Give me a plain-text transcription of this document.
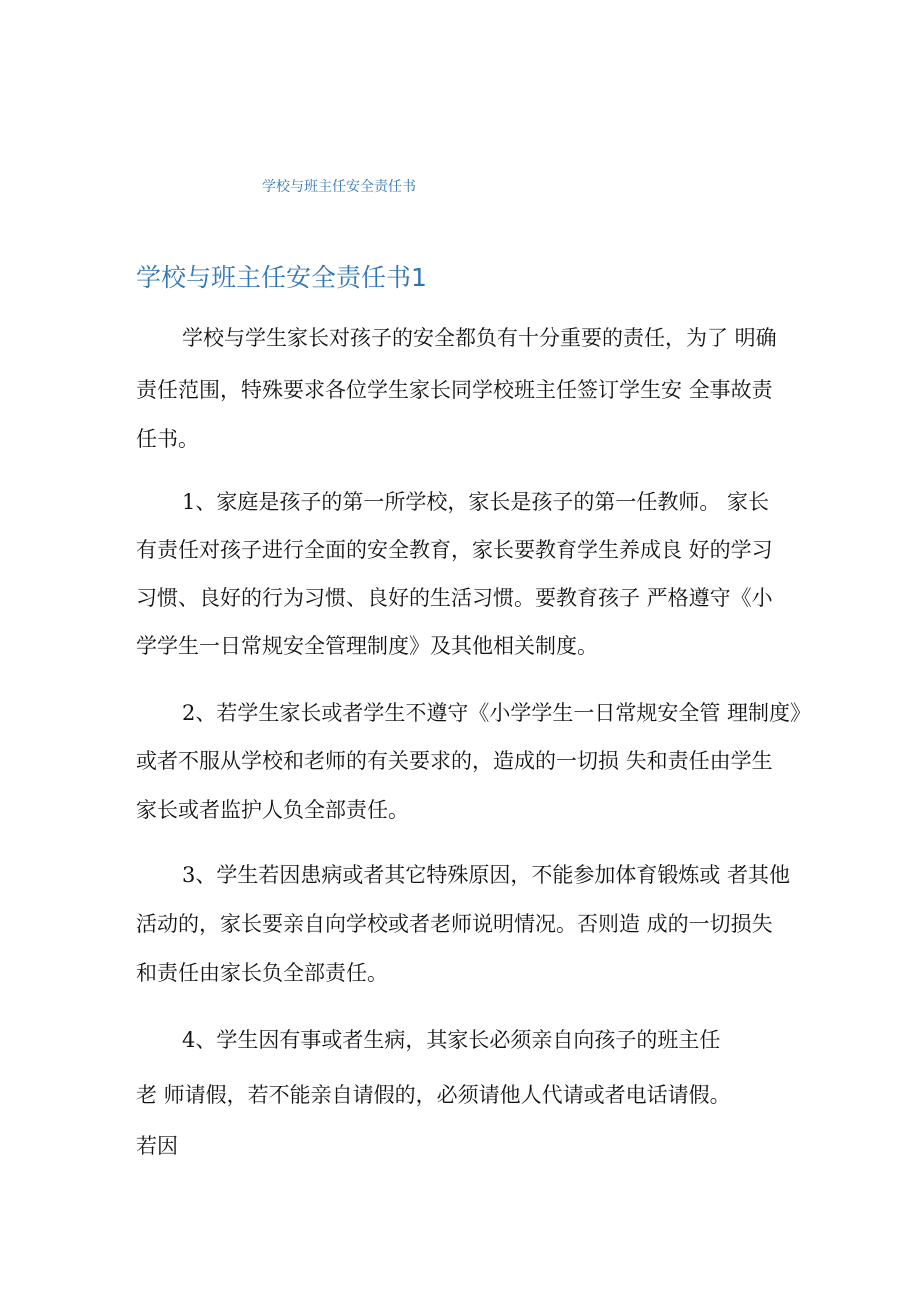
学校与班主任安全责任书
学校与班主任安全责任书1
学校与学生家长对孩子的安全都负有十分重要的责任，为了 明确
责任范围，特殊要求各位学生家长同学校班主任签订学生安 全事故责
任书。
1、家庭是孩子的第一所学校，家长是孩子的第一任教师。 家长
有责任对孩子进行全面的安全教育，家长要教育学生养成良 好的学习
习惯、良好的行为习惯、良好的生活习惯。要教育孩子 严格遵守《小
学学生一日常规安全管理制度》及其他相关制度。
2、若学生家长或者学生不遵守《小学学生一日常规安全管 理制度》
或者不服从学校和老师的有关要求的，造成的一切损 失和责任由学生
家长或者监护人负全部责任。
3、学生若因患病或者其它特殊原因，不能参加体育锻炼或 者其他
活动的，家长要亲自向学校或者老师说明情况。否则造 成的一切损失
和责任由家长负全部责任。
4、学生因有事或者生病，其家长必须亲自向孩子的班主任
老 师请假，若不能亲自请假的，必须请他人代请或者电话请假。
若因
